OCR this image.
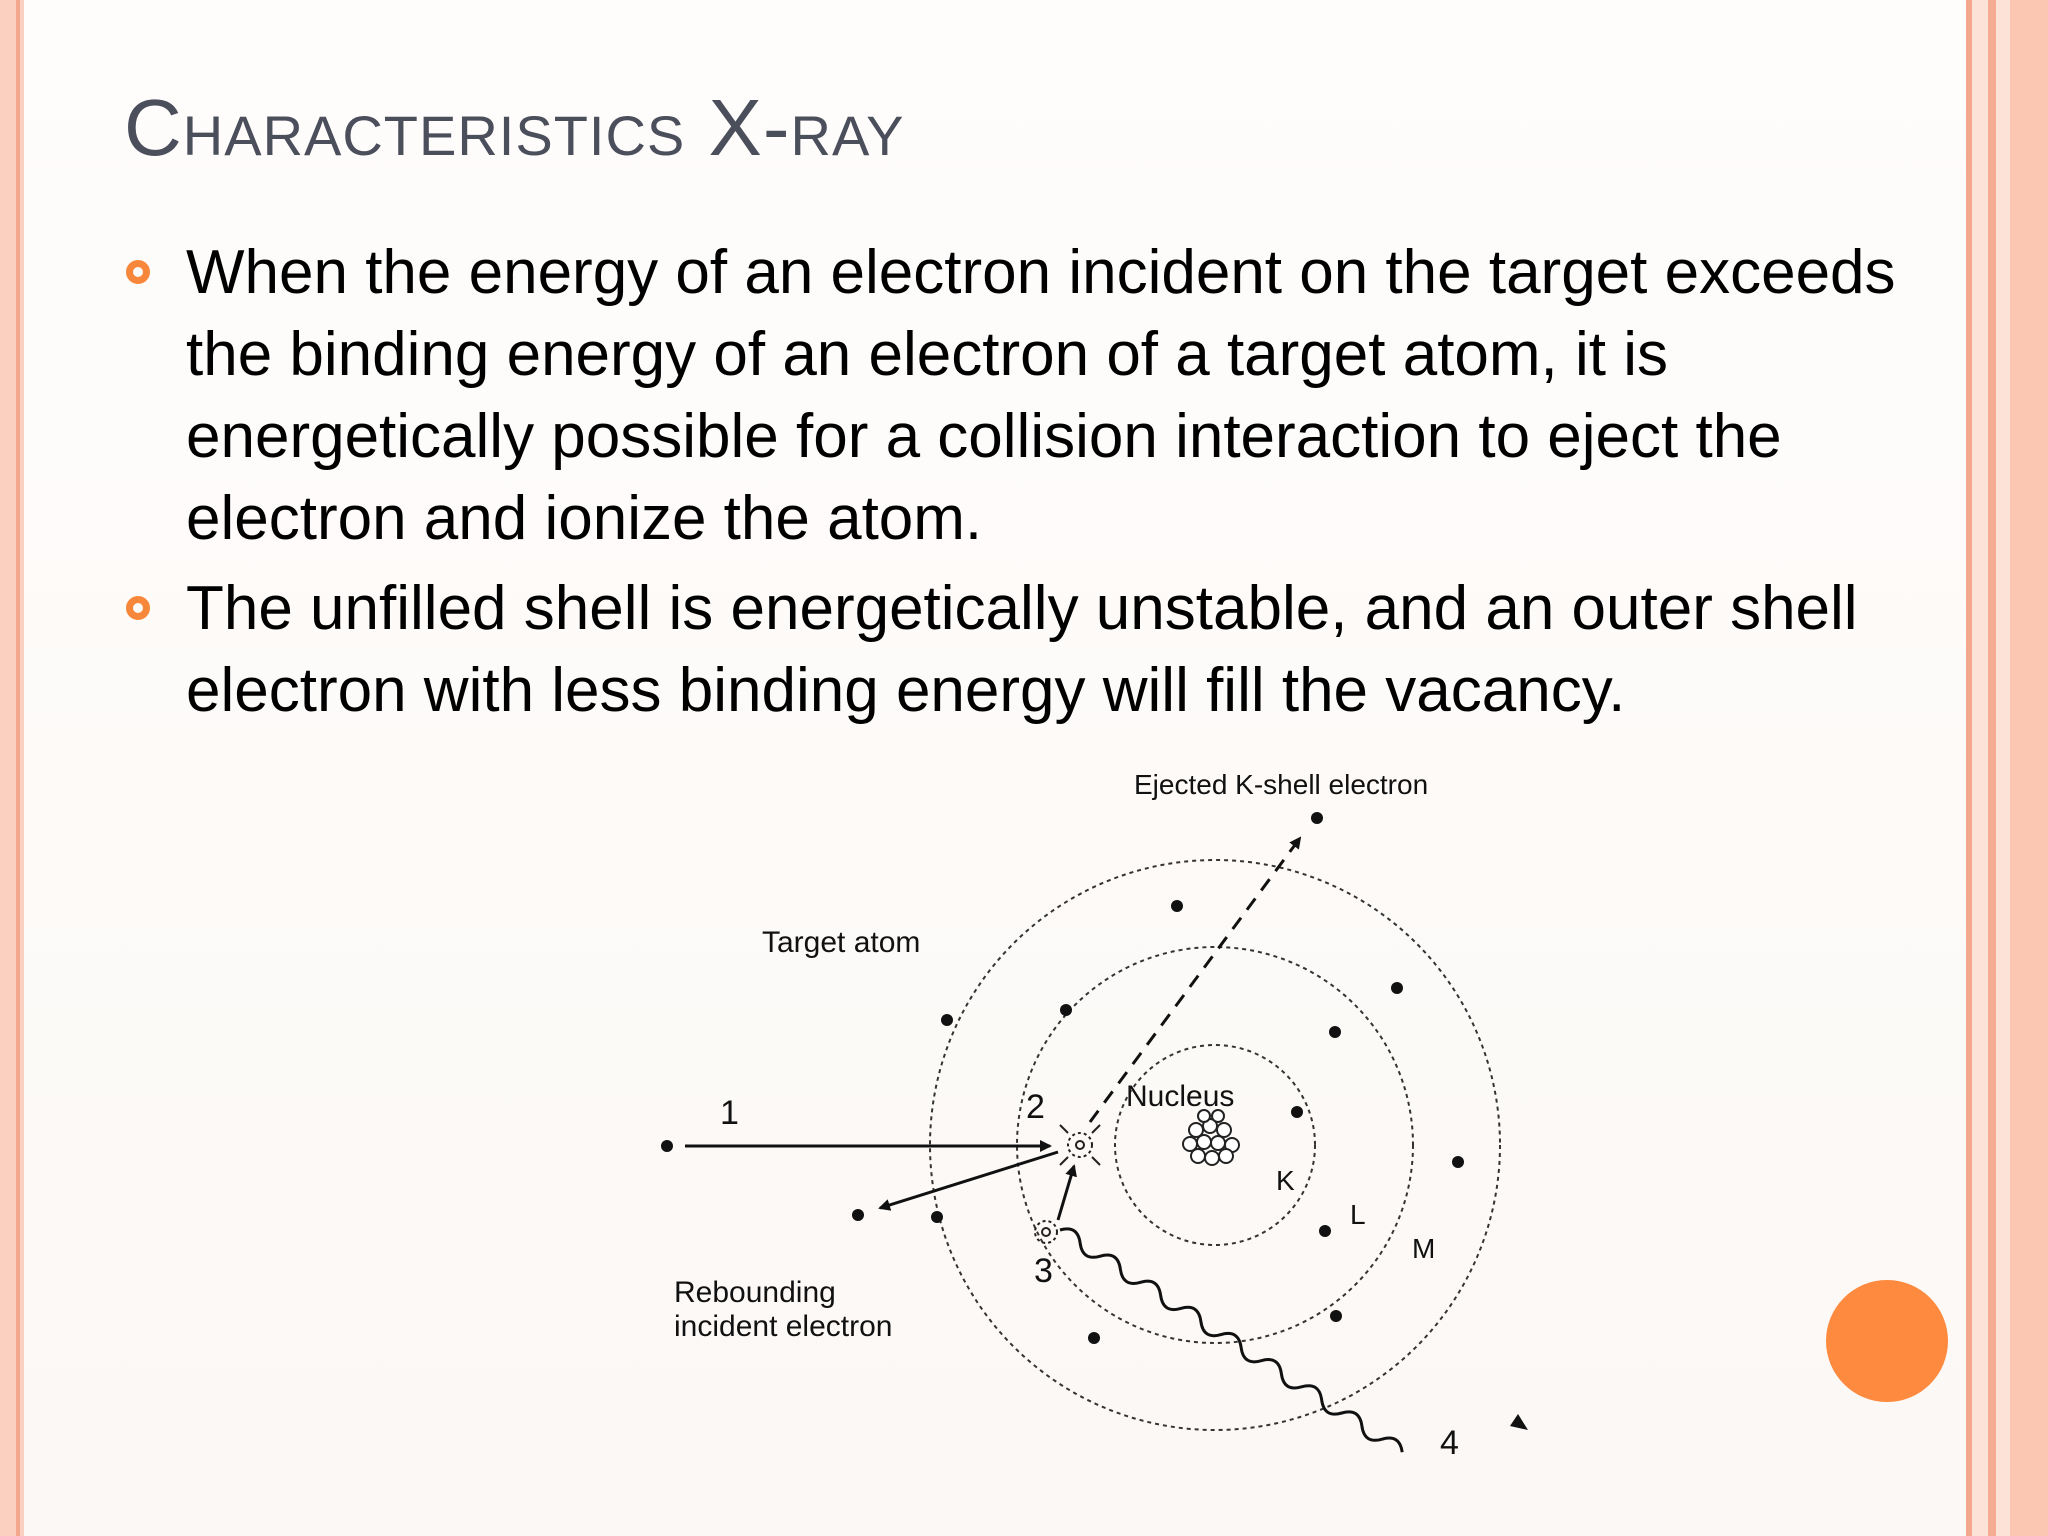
Characteristics X-ray
When the energy of an electron incident on the target exceeds the binding energy of an electron of a target atom, it is energetically possible for a collision interaction to eject the electron and ionize the atom.
The unfilled shell is energetically unstable, and an outer shell electron with less binding energy will fill the vacancy.
Ejected K-shell electron
Target atom
Nucleus
Rebounding
incident electron
1	2
3
4
K
L
M
